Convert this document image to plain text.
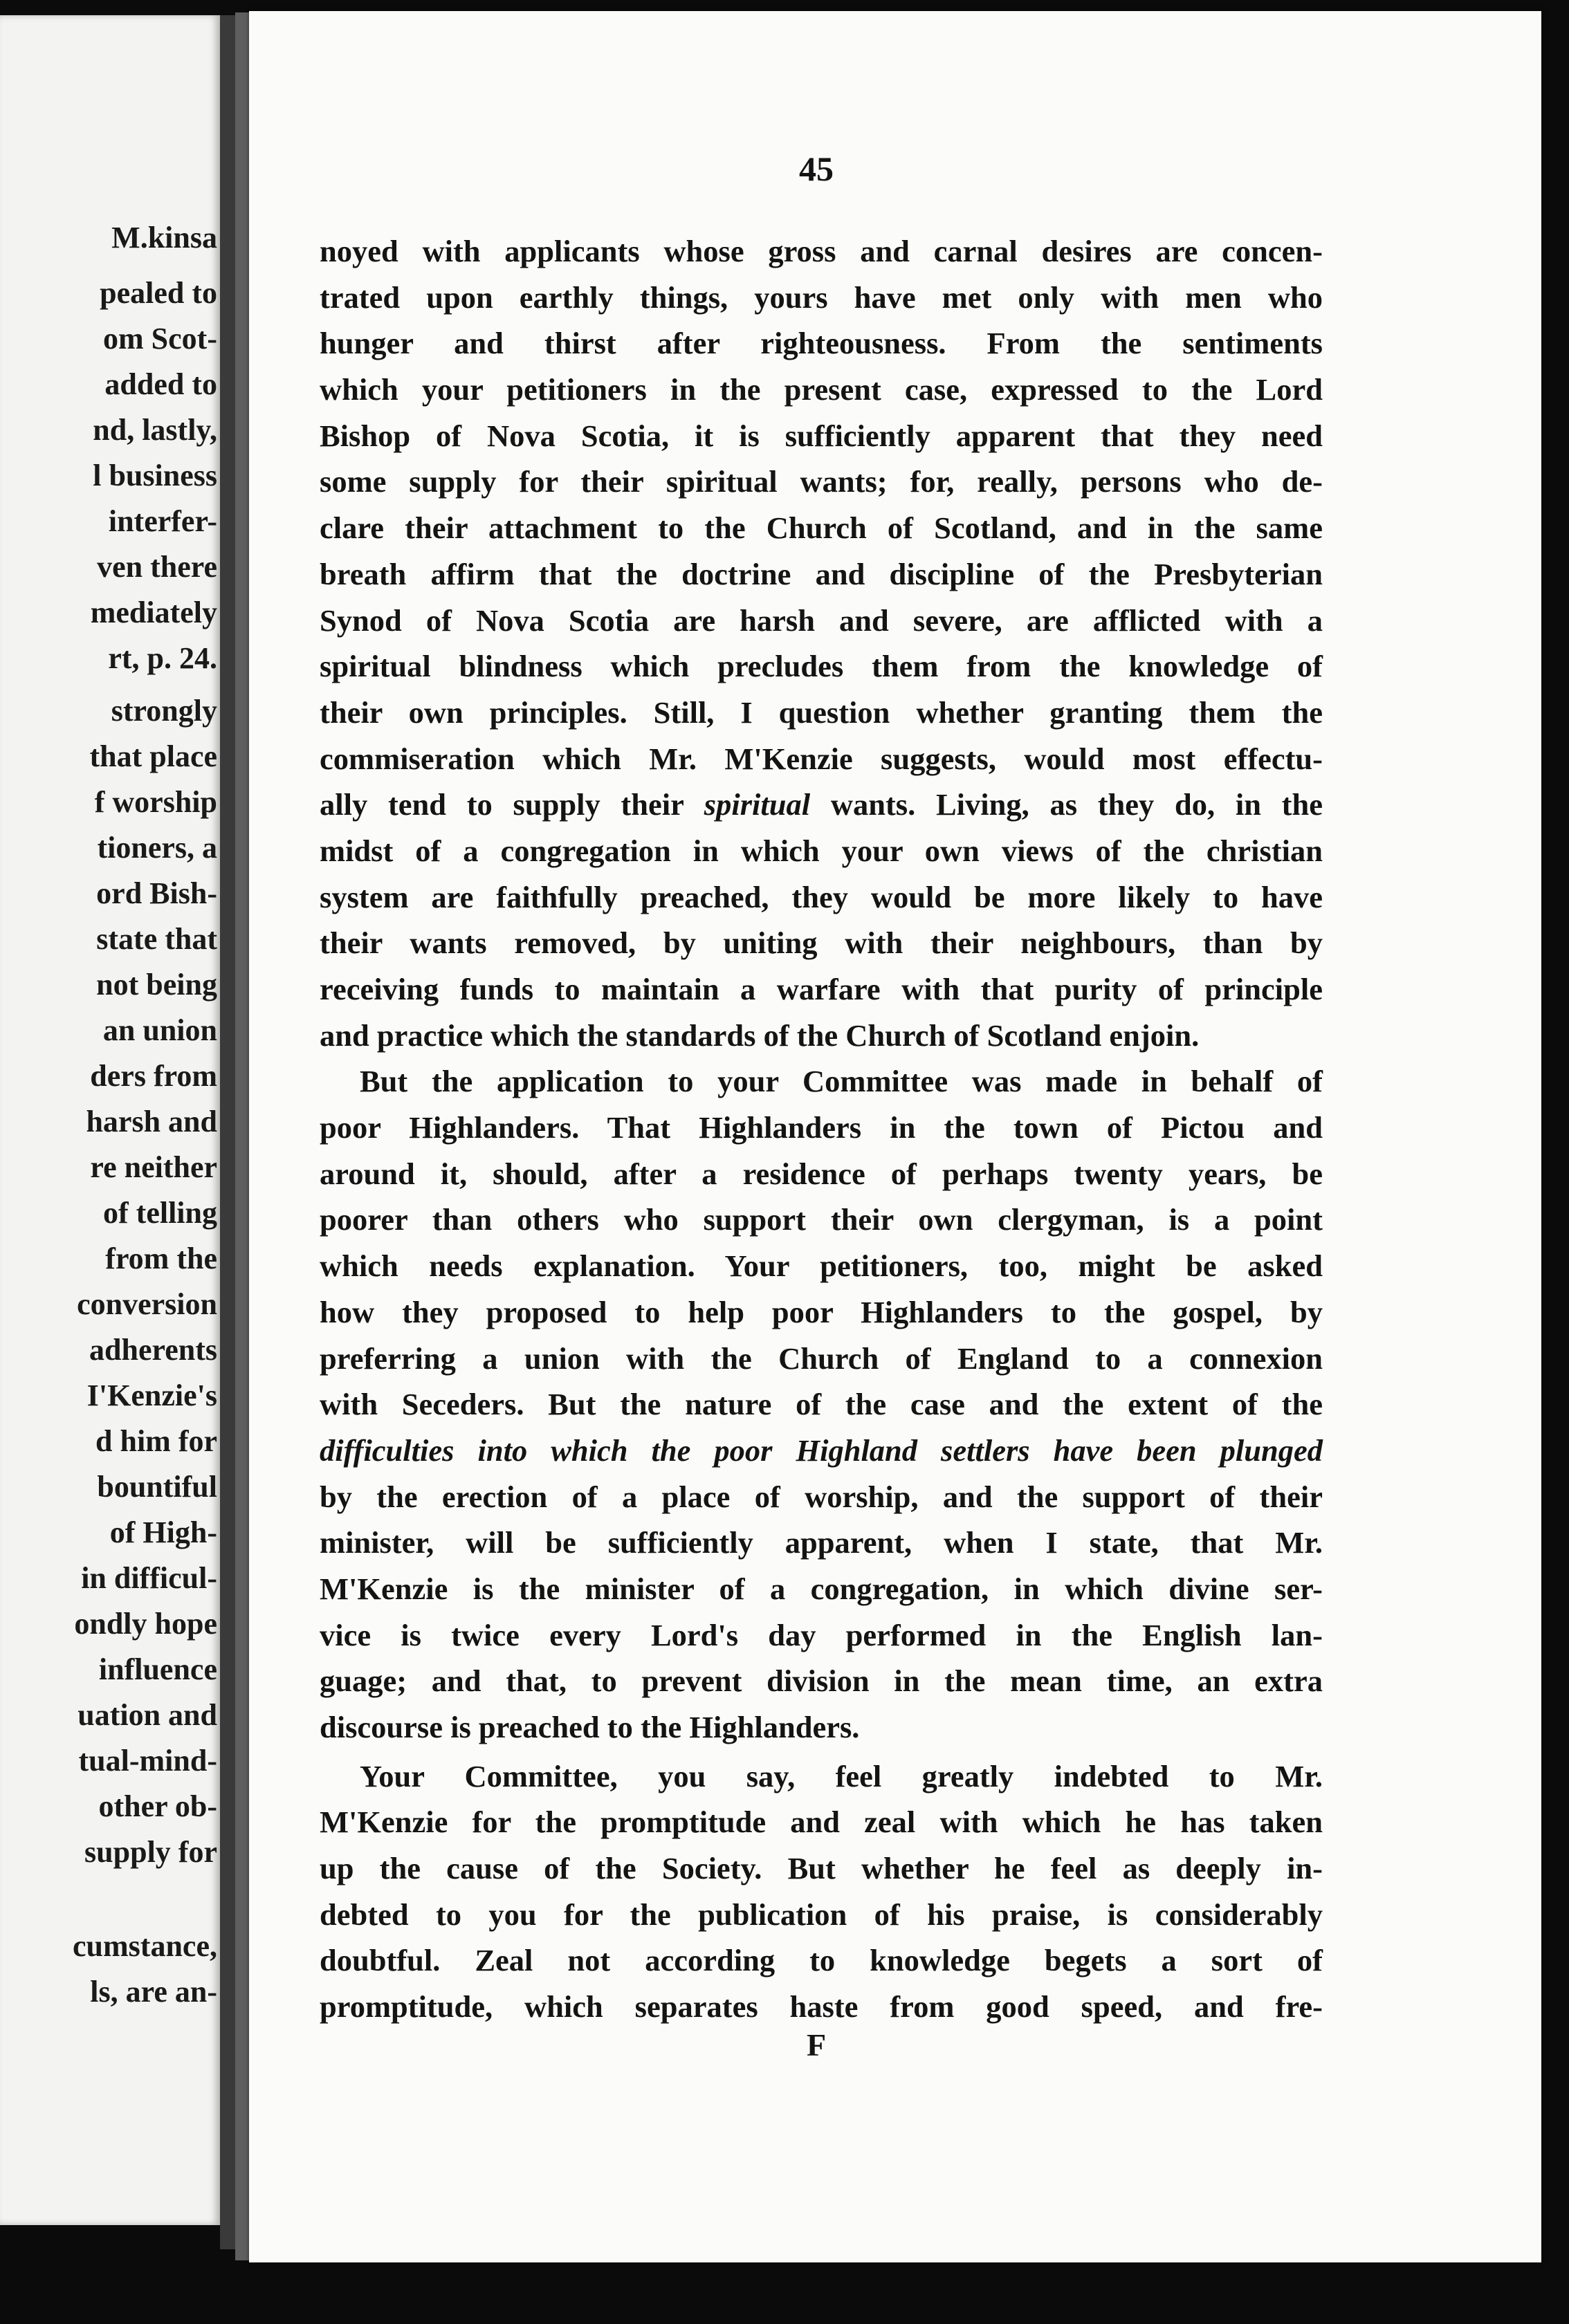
M.kinsa
pealed to
om Scot-
added to
nd, lastly,
l business
interfer-
ven there
mediately
rt, p. 24.
strongly
that place
f worship
tioners, a
ord Bish-
state that
not being
an union
ders from
harsh and
re neither
of telling
from the
conversion
adherents
I'Kenzie's
d him for
bountiful
of High-
in difficul-
ondly hope
influence
uation and
tual-mind-
other ob-
supply for
cumstance,
ls, are an-
45
noyed with applicants whose gross and carnal desires are concen-
trated upon earthly things, yours have met only with men who
hunger and thirst after righteousness. From the sentiments
which your petitioners in the present case, expressed to the Lord
Bishop of Nova Scotia, it is sufficiently apparent that they need
some supply for their spiritual wants; for, really, persons who de-
clare their attachment to the Church of Scotland, and in the same
breath affirm that the doctrine and discipline of the Presbyterian
Synod of Nova Scotia are harsh and severe, are afflicted with a
spiritual blindness which precludes them from the knowledge of
their own principles. Still, I question whether granting them the
commiseration which Mr. M'Kenzie suggests, would most effectu-
ally tend to supply their spiritual wants. Living, as they do, in the
midst of a congregation in which your own views of the christian
system are faithfully preached, they would be more likely to have
their wants removed, by uniting with their neighbours, than by
receiving funds to maintain a warfare with that purity of principle
and practice which the standards of the Church of Scotland enjoin.
But the application to your Committee was made in behalf of
poor Highlanders. That Highlanders in the town of Pictou and
around it, should, after a residence of perhaps twenty years, be
poorer than others who support their own clergyman, is a point
which needs explanation. Your petitioners, too, might be asked
how they proposed to help poor Highlanders to the gospel, by
preferring a union with the Church of England to a connexion
with Seceders. But the nature of the case and the extent of the
difficulties into which the poor Highland settlers have been plunged
by the erection of a place of worship, and the support of their
minister, will be sufficiently apparent, when I state, that Mr.
M'Kenzie is the minister of a congregation, in which divine ser-
vice is twice every Lord's day performed in the English lan-
guage; and that, to prevent division in the mean time, an extra
discourse is preached to the Highlanders.
Your Committee, you say, feel greatly indebted to Mr.
M'Kenzie for the promptitude and zeal with which he has taken
up the cause of the Society. But whether he feel as deeply in-
debted to you for the publication of his praise, is considerably
doubtful. Zeal not according to knowledge begets a sort of
promptitude, which separates haste from good speed, and fre-
F
